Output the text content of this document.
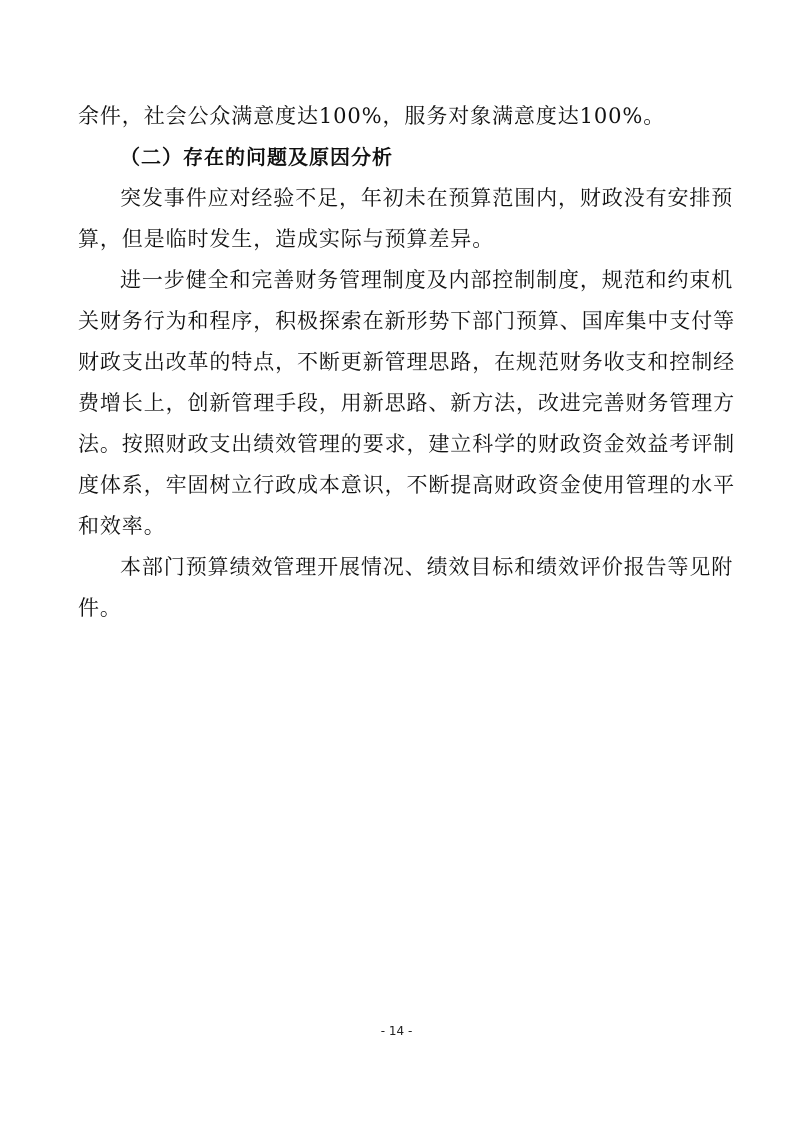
余件，社会公众满意度达100%，服务对象满意度达100%。
（二）存在的问题及原因分析
突发事件应对经验不足，年初未在预算范围内，财政没有安排预
算，但是临时发生，造成实际与预算差异。
进一步健全和完善财务管理制度及内部控制制度，规范和约束机
关财务行为和程序，积极探索在新形势下部门预算、国库集中支付等
财政支出改革的特点，不断更新管理思路，在规范财务收支和控制经
费增长上，创新管理手段，用新思路、新方法，改进完善财务管理方
法。按照财政支出绩效管理的要求，建立科学的财政资金效益考评制
度体系，牢固树立行政成本意识，不断提高财政资金使用管理的水平
和效率。
本部门预算绩效管理开展情况、绩效目标和绩效评价报告等见附
件。
- 14 -
